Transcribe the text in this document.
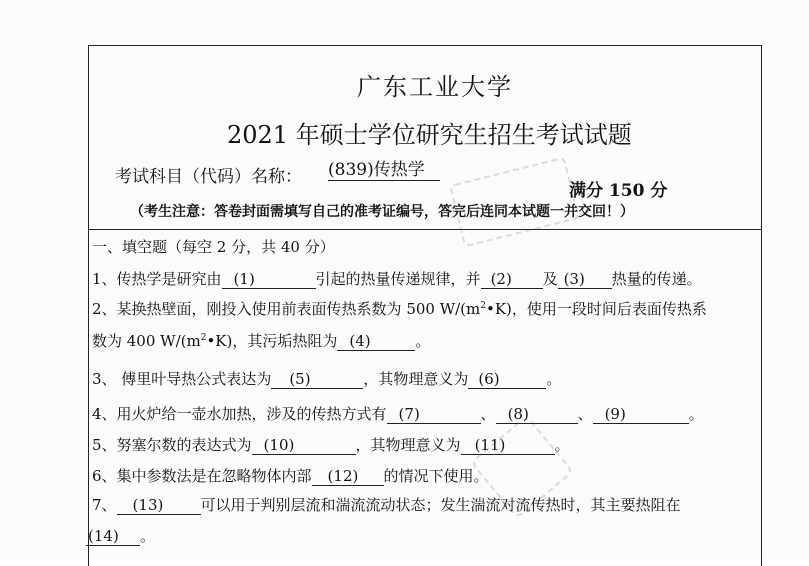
广东工业大学
2021 年硕士学位研究生招生考试试题
考试科目（代码）名称： (839)传热学
满分 150 分
（考生注意：答卷封面需填写自己的准考证编号，答完后连同本试题一并交回！）
一、填空题（每空 2 分，共 40 分）
1、传热学是研究由 (1)	引起的热量传递规律，并 (2) 及 (3) 热量的传递。
2、某换热壁面，刚投入使用前表面传热系数为 500 $W/(m^2•K)$，使用一段时间后表面传热系
数为 400 $W/(m^2•K)$，其污垢热阻为 (4)	。
3、 傅里叶导热公式表达为 (5)	，其物理意义为 (6)	。
4、用火炉给一壶水加热，涉及的传热方式有 (7)	、 (8)	、 (9)	。
5、努塞尔数的表达式为 (10)	，其物理意义为 (11)	。
6、集中参数法是在忽略物体内部 (12) 的情况下使用。
7、 (13) 可以用于判别层流和湍流流动状态；发生湍流对流传热时，其主要热阻在
(14) 。
